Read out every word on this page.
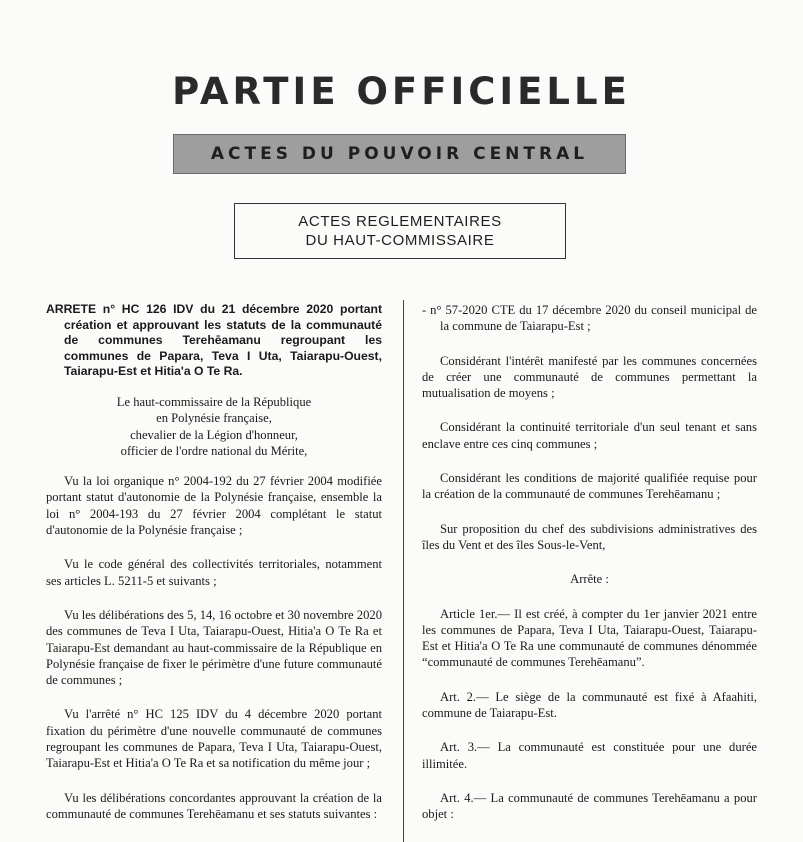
PARTIE OFFICIELLE
ACTES DU POUVOIR CENTRAL
ACTES REGLEMENTAIRES
DU HAUT-COMMISSAIRE

ARRETE n° HC 126 IDV du 21 décembre 2020 portant création et approuvant les statuts de la communauté de communes Terehēamanu regroupant les communes de Papara, Teva I Uta, Taiarapu-Ouest, Taiarapu-Est et Hitia'a O Te Ra.

Le haut-commissaire de la République
en Polynésie française,
chevalier de la Légion d'honneur,
officier de l'ordre national du Mérite,

Vu la loi organique n° 2004-192 du 27 février 2004 modifiée portant statut d'autonomie de la Polynésie française, ensemble la loi n° 2004-193 du 27 février 2004 complétant le statut d'autonomie de la Polynésie française ;

Vu le code général des collectivités territoriales, notamment ses articles L. 5211-5 et suivants ;

Vu les délibérations des 5, 14, 16 octobre et 30 novembre 2020 des communes de Teva I Uta, Taiarapu-Ouest, Hitia'a O Te Ra et Taiarapu-Est demandant au haut-commissaire de la République en Polynésie française de fixer le périmètre d'une future communauté de communes ;

Vu l'arrêté n° HC 125 IDV du 4 décembre 2020 portant fixation du périmètre d'une nouvelle communauté de communes regroupant les communes de Papara, Teva I Uta, Taiarapu-Ouest, Taiarapu-Est et Hitia'a O Te Ra et sa notification du même jour ;

Vu les délibérations concordantes approuvant la création de la communauté de communes Terehēamanu et ses statuts suivantes :

- n° 57-2020 CTE du 17 décembre 2020 du conseil municipal de la commune de Taiarapu-Est ;

Considérant l'intérêt manifesté par les communes concernées de créer une communauté de communes permettant la mutualisation de moyens ;

Considérant la continuité territoriale d'un seul tenant et sans enclave entre ces cinq communes ;

Considérant les conditions de majorité qualifiée requise pour la création de la communauté de communes Terehēamanu ;

Sur proposition du chef des subdivisions administratives des îles du Vent et des îles Sous-le-Vent,

Arrête :

Article 1er.— Il est créé, à compter du 1er janvier 2021 entre les communes de Papara, Teva I Uta, Taiarapu-Ouest, Taiarapu-Est et Hitia'a O Te Ra une communauté de communes dénommée “communauté de communes Terehēamanu”.

Art. 2.— Le siège de la communauté est fixé à Afaahiti, commune de Taiarapu-Est.

Art. 3.— La communauté est constituée pour une durée illimitée.

Art. 4.— La communauté de communes Terehēamanu a pour objet :
